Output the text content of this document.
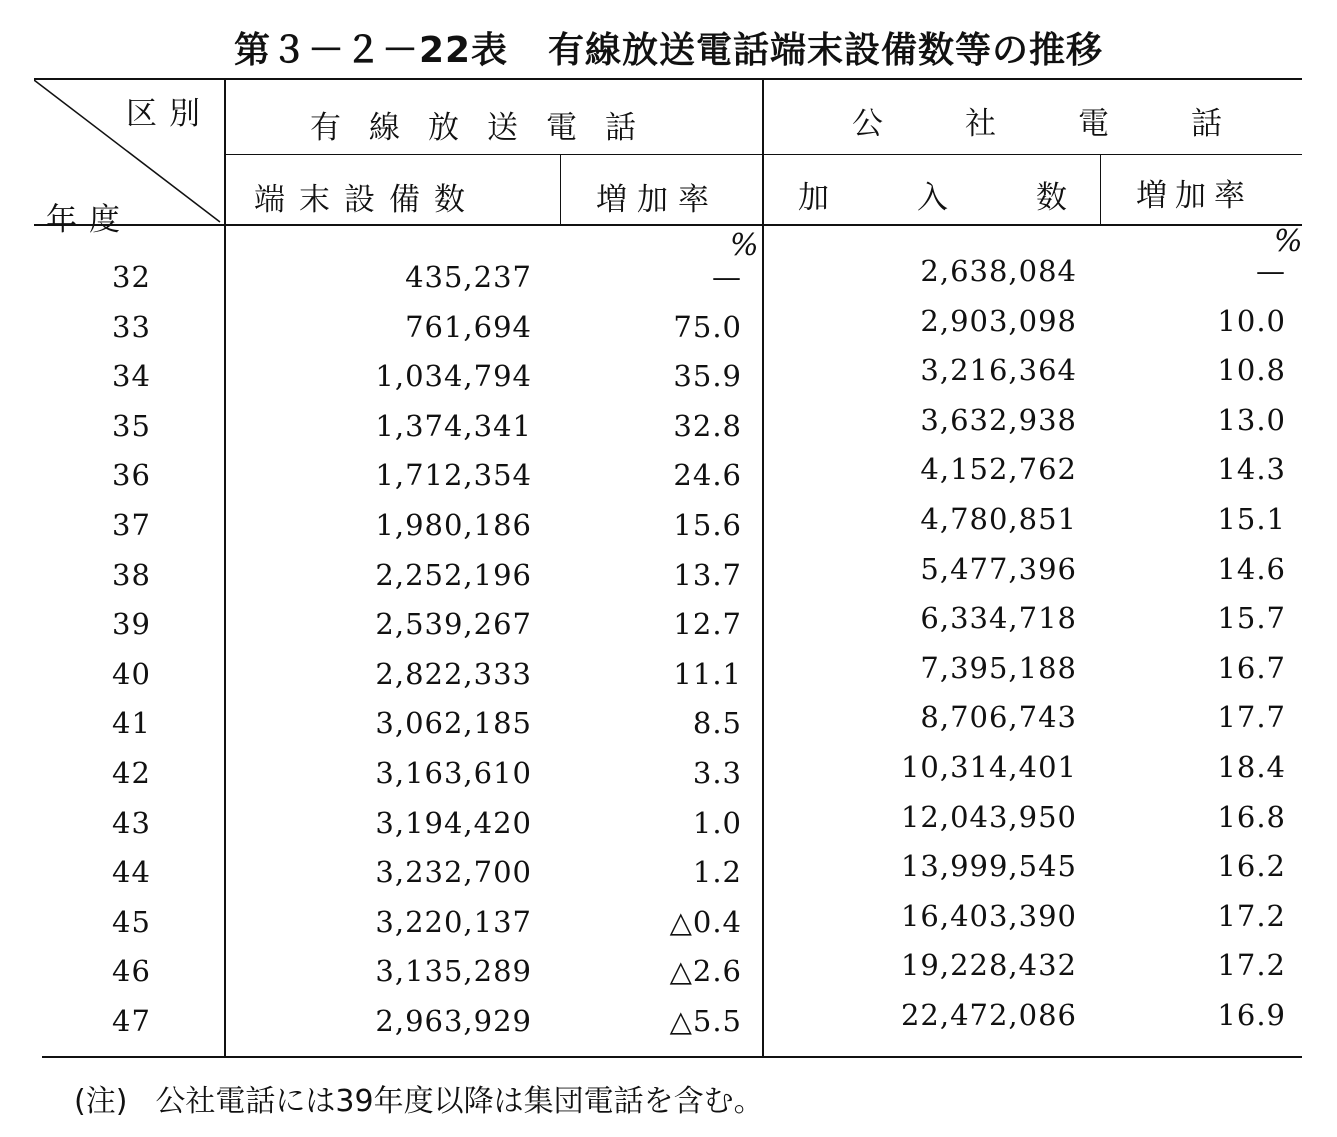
第３－２－22表 有線放送電話端末設備数等の推移
区別
年度
有線放送電話	公社電話
端末設備数	増加率	加入数
増加率
%	%
32	435,237	—	2,638,084	—
33	761,694	75.0	2,903,098	10.0
34	1,034,794	35.9	3,216,364	10.8
35	1,374,341	32.8	3,632,938	13.0
36	1,712,354	24.6	4,152,762	14.3
37	1,980,186	15.6	4,780,851	15.1
38	2,252,196	13.7	5,477,396	14.6
39	2,539,267	12.7	6,334,718	15.7
40	2,822,333	11.1	7,395,188	16.7
41	3,062,185	8.5	8,706,743	17.7
42	3,163,610	3.3	10,314,401	18.4
43	3,194,420	1.0	12,043,950	16.8
44	3,232,700	1.2	13,999,545	16.2
45	3,220,137	△0.4	16,403,390	17.2
46	3,135,289	△2.6	19,228,432	17.2
47	2,963,929	△5.5	22,472,086	16.9
(注) 公社電話には39年度以降は集団電話を含む。
